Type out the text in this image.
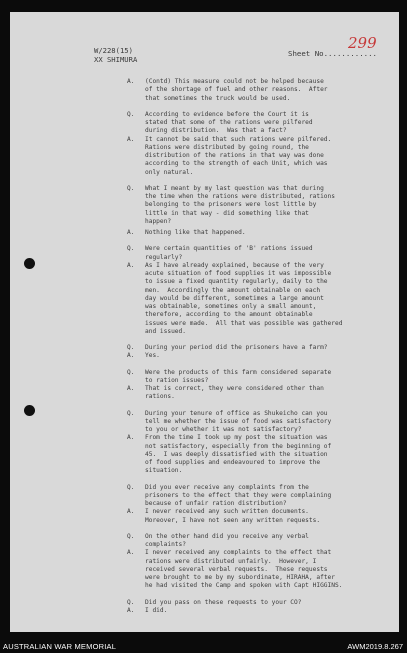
W/228(15)
XX SHIMURA
Sheet No............
299
A.	(Contd) This measure could not be helped because
of the shortage of fuel and other reasons.  After
that sometimes the truck would be used.
Q.	According to evidence before the Court it is
stated that some of the rations were pilfered
during distribution.  Was that a fact?
A.	It cannot be said that such rations were pilfered.
Rations were distributed by going round, the
distribution of the rations in that way was done
according to the strength of each Unit, which was
only natural.
Q.	What I meant by my last question was that during
the time when the rations were distributed, rations
belonging to the prisoners were lost little by
little in that way - did something like that
happen?
A.	Nothing like that happened.
Q.	Were certain quantities of 'B' rations issued
regularly?
A.	As I have already explained, because of the very
acute situation of food supplies it was impossible
to issue a fixed quantity regularly, daily to the
men.  Accordingly the amount obtainable on each
day would be different, sometimes a large amount
was obtainable, sometimes only a small amount,
therefore, according to the amount obtainable
issues were made.  All that was possible was gathered
and issued.
Q.	During your period did the prisoners have a farm?
A.	Yes.
Q.	Were the products of this farm considered separate
to ration issues?
A.	That is correct, they were considered other than
rations.
Q.	During your tenure of office as Shukeicho can you
tell me whether the issue of food was satisfactory
to you or whether it was not satisfactory?
A.	From the time I took up my post the situation was
not satisfactory, especially from the beginning of
45.  I was deeply dissatisfied with the situation
of food supplies and endeavoured to improve the
situation.
Q.	Did you ever receive any complaints from the
prisoners to the effect that they were complaining
because of unfair ration distribution?
A.	I never received any such written documents.
Moreover, I have not seen any written requests.
Q.	On the other hand did you receive any verbal
complaints?
A.	I never received any complaints to the effect that
rations were distributed unfairly.  However, I
received several verbal requests.  These requests
were brought to me by my subordinate, HIRAHA, after
he had visited the Camp and spoken with Capt HIGGINS.
Q.	Did you pass on these requests to your CO?
A.	I did.
AUSTRALIAN WAR MEMORIAL	AWM2019.8.267
